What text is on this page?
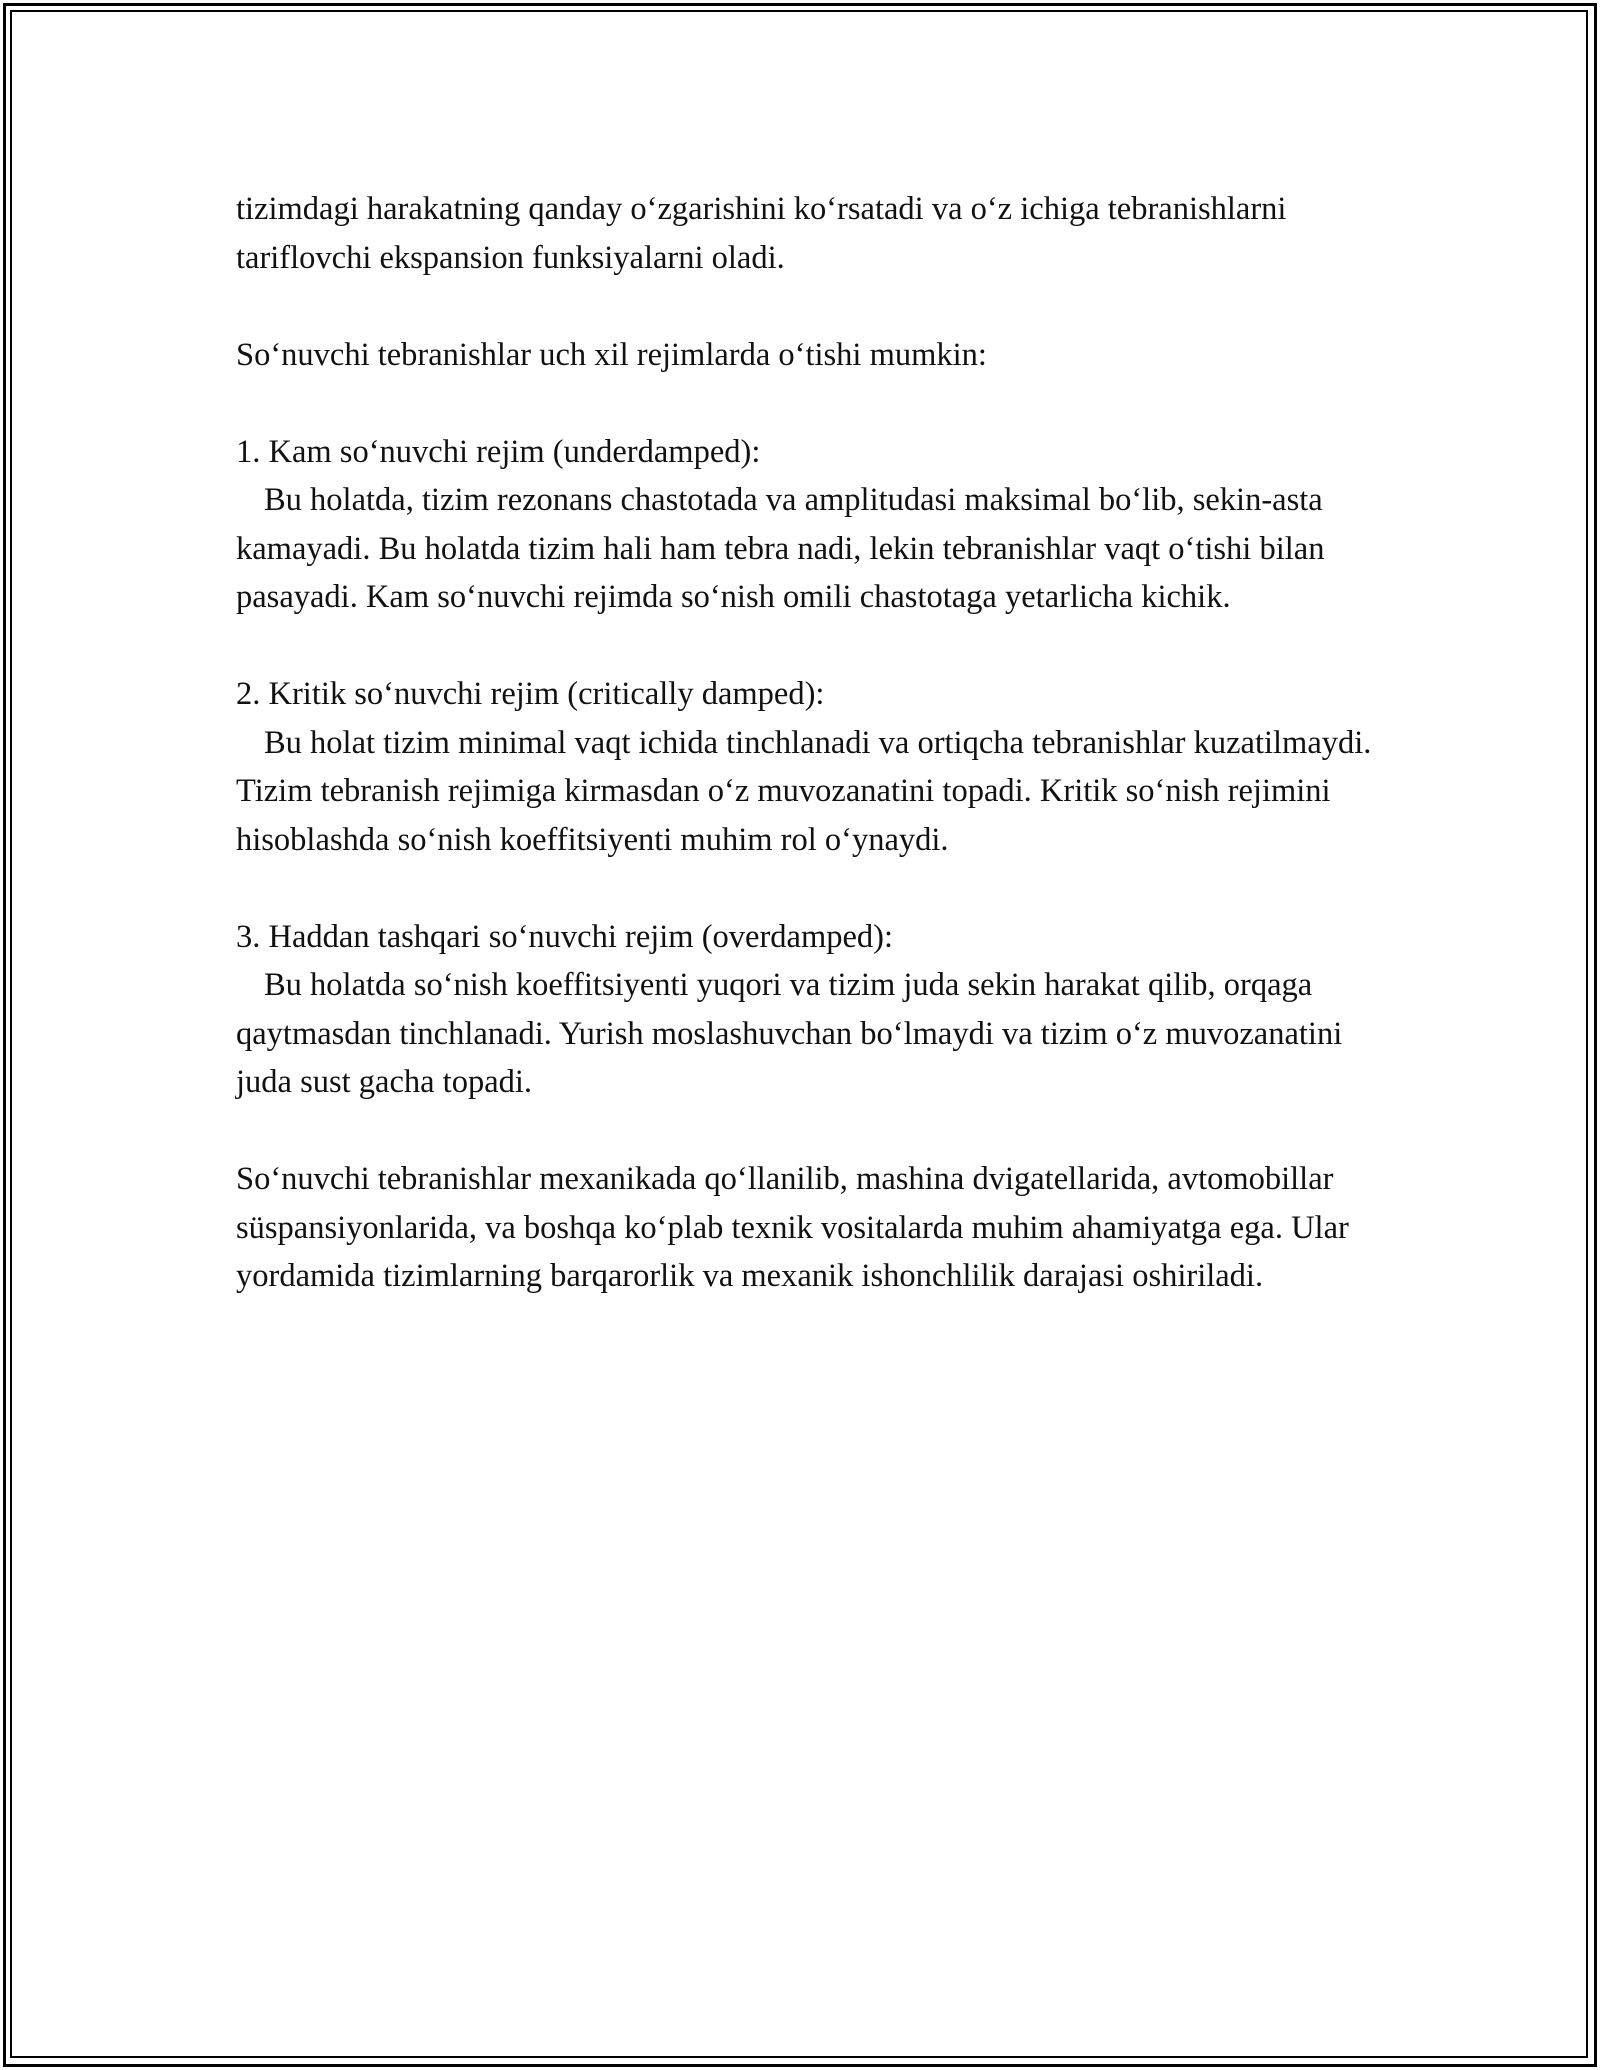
tizimdagi harakatning qanday o‘zgarishini ko‘rsatadi va o‘z ichiga tebranishlarni tariflovchi ekspansion funksiyalarni oladi.

So‘nuvchi tebranishlar uch xil rejimlarda o‘tishi mumkin:

1. Kam so‘nuvchi rejim (underdamped):
Bu holatda, tizim rezonans chastotada va amplitudasi maksimal bo‘lib, sekin-asta kamayadi. Bu holatda tizim hali ham tebra nadi, lekin tebranishlar vaqt o‘tishi bilan pasayadi. Kam so‘nuvchi rejimda so‘nish omili chastotaga yetarlicha kichik.
2. Kritik so‘nuvchi rejim (critically damped):
Bu holat tizim minimal vaqt ichida tinchlanadi va ortiqcha tebranishlar kuzatilmaydi. Tizim tebranish rejimiga kirmasdan o‘z muvozanatini topadi. Kritik so‘nish rejimini hisoblashda so‘nish koeffitsiyenti muhim rol o‘ynaydi.
3. Haddan tashqari so‘nuvchi rejim (overdamped):
Bu holatda so‘nish koeffitsiyenti yuqori va tizim juda sekin harakat qilib, orqaga qaytmasdan tinchlanadi. Yurish moslashuvchan bo‘lmaydi va tizim o‘z muvozanatini juda sust gacha topadi.

So‘nuvchi tebranishlar mexanikada qo‘llanilib, mashina dvigatellarida, avtomobillar süspansiyonlarida, va boshqa ko‘plab texnik vositalarda muhim ahamiyatga ega. Ular yordamida tizimlarning barqarorlik va mexanik ishonchlilik darajasi oshiriladi.
